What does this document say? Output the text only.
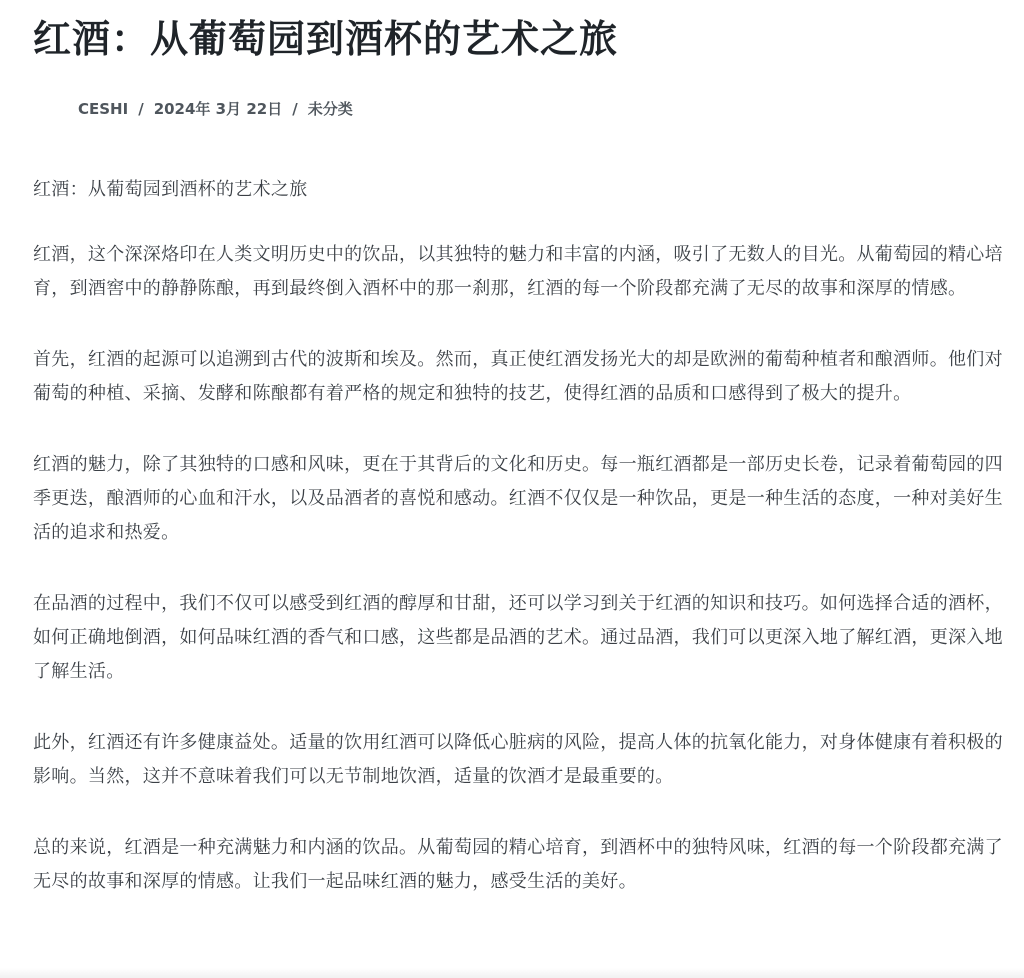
红酒：从葡萄园到酒杯的艺术之旅
CESHI / 2024年 3月 22日 / 未分类

红酒：从葡萄园到酒杯的艺术之旅

红酒，这个深深烙印在人类文明历史中的饮品，以其独特的魅力和丰富的内涵，吸引了无数人的目光。从葡萄园的精心培育，到酒窖中的静静陈酿，再到最终倒入酒杯中的那一刹那，红酒的每一个阶段都充满了无尽的故事和深厚的情感。

首先，红酒的起源可以追溯到古代的波斯和埃及。然而，真正使红酒发扬光大的却是欧洲的葡萄种植者和酿酒师。他们对葡萄的种植、采摘、发酵和陈酿都有着严格的规定和独特的技艺，使得红酒的品质和口感得到了极大的提升。

红酒的魅力，除了其独特的口感和风味，更在于其背后的文化和历史。每一瓶红酒都是一部历史长卷，记录着葡萄园的四季更迭，酿酒师的心血和汗水，以及品酒者的喜悦和感动。红酒不仅仅是一种饮品，更是一种生活的态度，一种对美好生活的追求和热爱。

在品酒的过程中，我们不仅可以感受到红酒的醇厚和甘甜，还可以学习到关于红酒的知识和技巧。如何选择合适的酒杯，如何正确地倒酒，如何品味红酒的香气和口感，这些都是品酒的艺术。通过品酒，我们可以更深入地了解红酒，更深入地了解生活。

此外，红酒还有许多健康益处。适量的饮用红酒可以降低心脏病的风险，提高人体的抗氧化能力，对身体健康有着积极的影响。当然，这并不意味着我们可以无节制地饮酒，适量的饮酒才是最重要的。

总的来说，红酒是一种充满魅力和内涵的饮品。从葡萄园的精心培育，到酒杯中的独特风味，红酒的每一个阶段都充满了无尽的故事和深厚的情感。让我们一起品味红酒的魅力，感受生活的美好。
